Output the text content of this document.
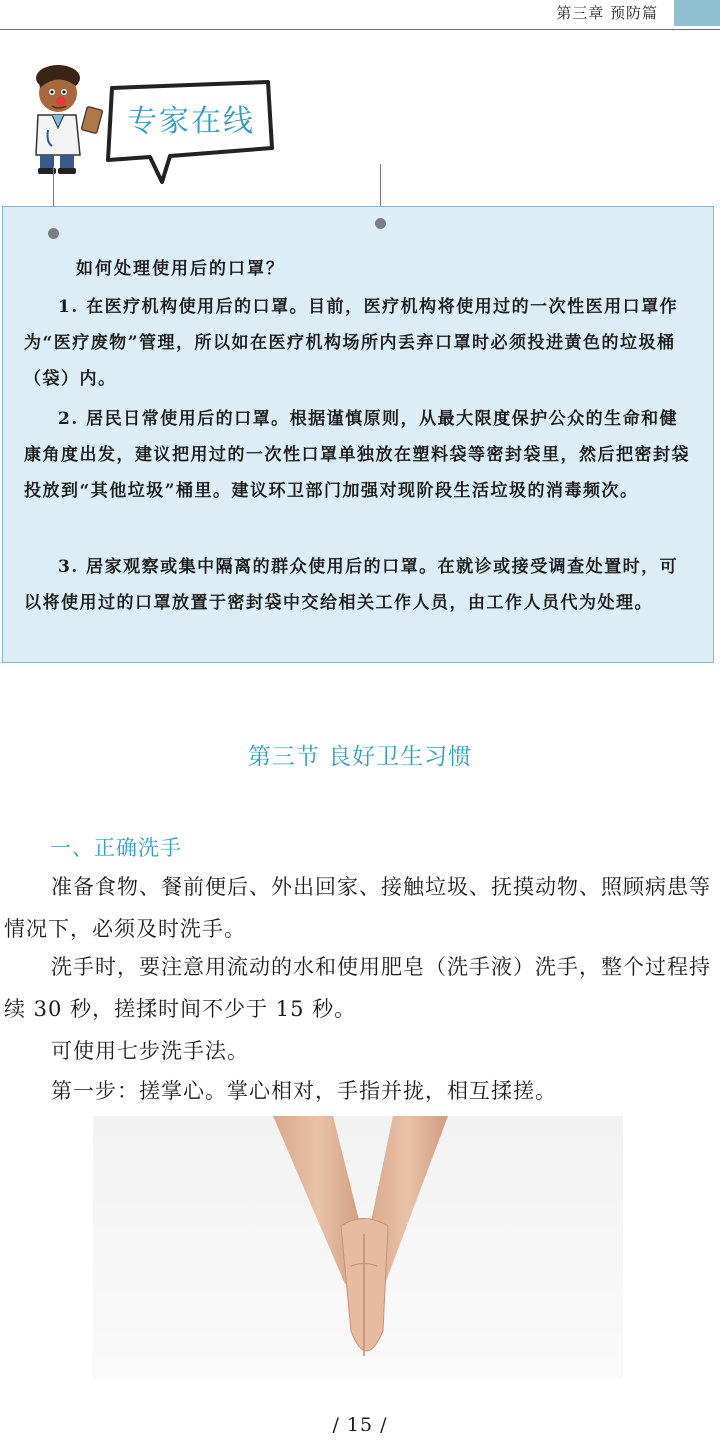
第三章 预防篇
专家在线
如何处理使用后的口罩？

1. 在医疗机构使用后的口罩。目前，医疗机构将使用过的一次性医用口罩作为“医疗废物”管理，所以如在医疗机构场所内丢弃口罩时必须投进黄色的垃圾桶（袋）内。

2. 居民日常使用后的口罩。根据谨慎原则，从最大限度保护公众的生命和健康角度出发，建议把用过的一次性口罩单独放在塑料袋等密封袋里，然后把密封袋投放到“其他垃圾”桶里。建议环卫部门加强对现阶段生活垃圾的消毒频次。

3. 居家观察或集中隔离的群众使用后的口罩。在就诊或接受调查处置时，可以将使用过的口罩放置于密封袋中交给相关工作人员，由工作人员代为处理。

第三节 良好卫生习惯
一、正确洗手

准备食物、餐前便后、外出回家、接触垃圾、抚摸动物、照顾病患等情况下，必须及时洗手。

洗手时，要注意用流动的水和使用肥皂（洗手液）洗手，整个过程持续 30 秒，搓揉时间不少于 15 秒。

可使用七步洗手法。

第一步：搓掌心。掌心相对，手指并拢，相互揉搓。

/ 15 /
